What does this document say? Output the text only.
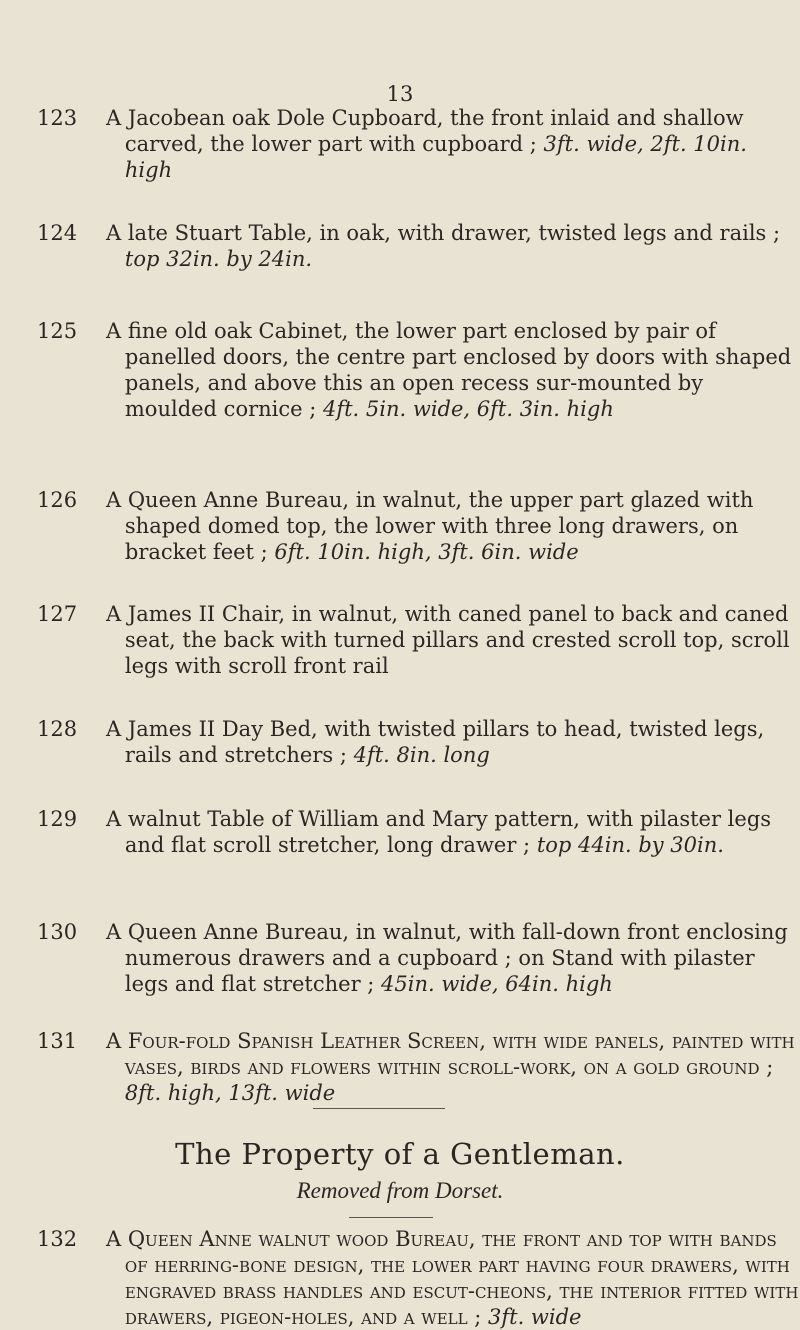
13
123	A Jacobean oak Dole Cupboard, the front inlaid and shallow carved, the lower part with cupboard ; 3ft. wide, 2ft. 10in. high
124	A late Stuart Table, in oak, with drawer, twisted legs and rails ; top 32in. by 24in.
125	A fine old oak Cabinet, the lower part enclosed by pair of panelled doors, the centre part enclosed by doors with shaped panels, and above this an open recess sur-mounted by moulded cornice ; 4ft. 5in. wide, 6ft. 3in. high
126	A Queen Anne Bureau, in walnut, the upper part glazed with shaped domed top, the lower with three long drawers, on bracket feet ; 6ft. 10in. high, 3ft. 6in. wide
127	A James II Chair, in walnut, with caned panel to back and caned seat, the back with turned pillars and crested scroll top, scroll legs with scroll front rail
128	A James II Day Bed, with twisted pillars to head, twisted legs, rails and stretchers ; 4ft. 8in. long
129	A walnut Table of William and Mary pattern, with pilaster legs and flat scroll stretcher, long drawer ; top 44in. by 30in.
130	A Queen Anne Bureau, in walnut, with fall-down front enclosing numerous drawers and a cupboard ; on Stand with pilaster legs and flat stretcher ; 45in. wide, 64in. high
131	A Four-fold Spanish Leather Screen, with wide panels, painted with vases, birds and flowers within scroll-work, on a gold ground ; 8ft. high, 13ft. wide
The Property of a Gentleman.
Removed from Dorset.
132	A Queen Anne walnut wood Bureau, the front and top with bands of herring-bone design, the lower part having four drawers, with engraved brass handles and escut-cheons, the interior fitted with drawers, pigeon-holes, and a well ; 3ft. wide
